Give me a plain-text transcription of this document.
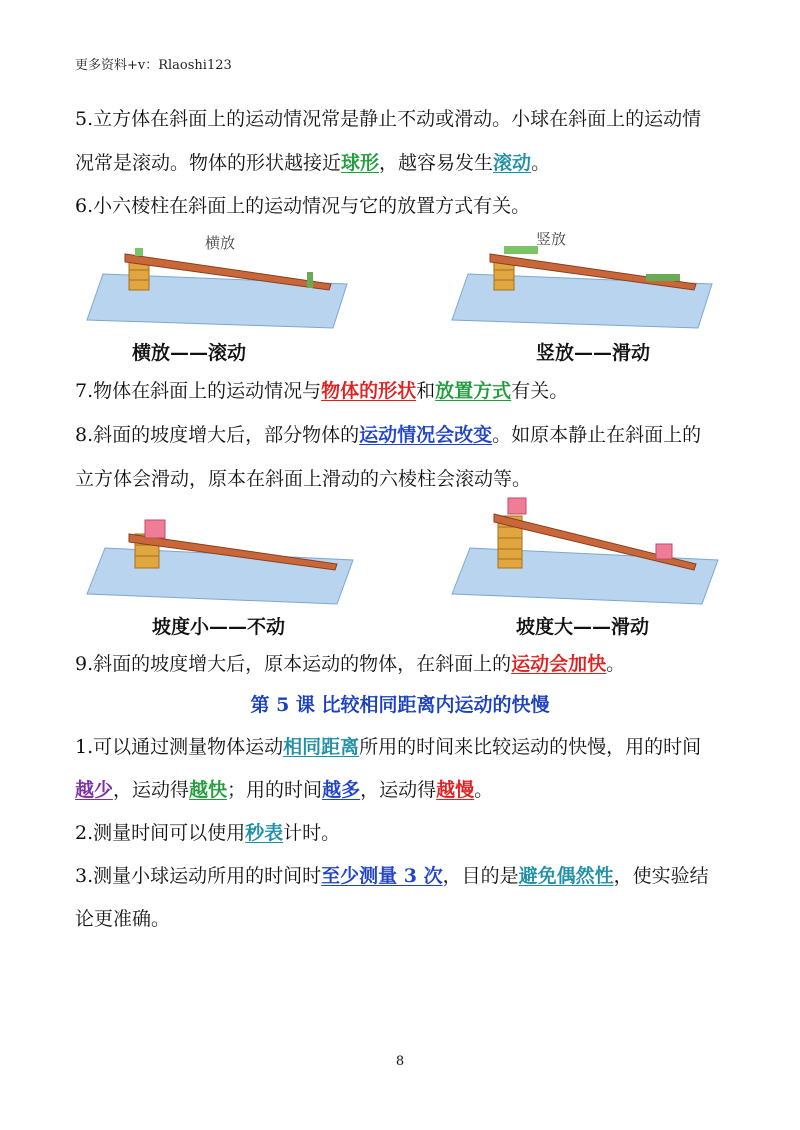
更多资料+v：Rlaoshi123
5.立方体在斜面上的运动情况常是静止不动或滑动。小球在斜面上的运动情
况常是滚动。物体的形状越接近球形，越容易发生滚动。
6.小六棱柱在斜面上的运动情况与它的放置方式有关。
横放	竖放
横放——滚动	竖放——滑动
7.物体在斜面上的运动情况与物体的形状和放置方式有关。
8.斜面的坡度增大后，部分物体的运动情况会改变。如原本静止在斜面上的
立方体会滑动，原本在斜面上滑动的六棱柱会滚动等。
坡度小——不动	坡度大——滑动
9.斜面的坡度增大后，原本运动的物体，在斜面上的运动会加快。
第 5 课 比较相同距离内运动的快慢
1.可以通过测量物体运动相同距离所用的时间来比较运动的快慢，用的时间
越少，运动得越快；用的时间越多，运动得越慢。
2.测量时间可以使用秒表计时。
3.测量小球运动所用的时间时至少测量 3 次，目的是避免偶然性，使实验结
论更准确。
8
